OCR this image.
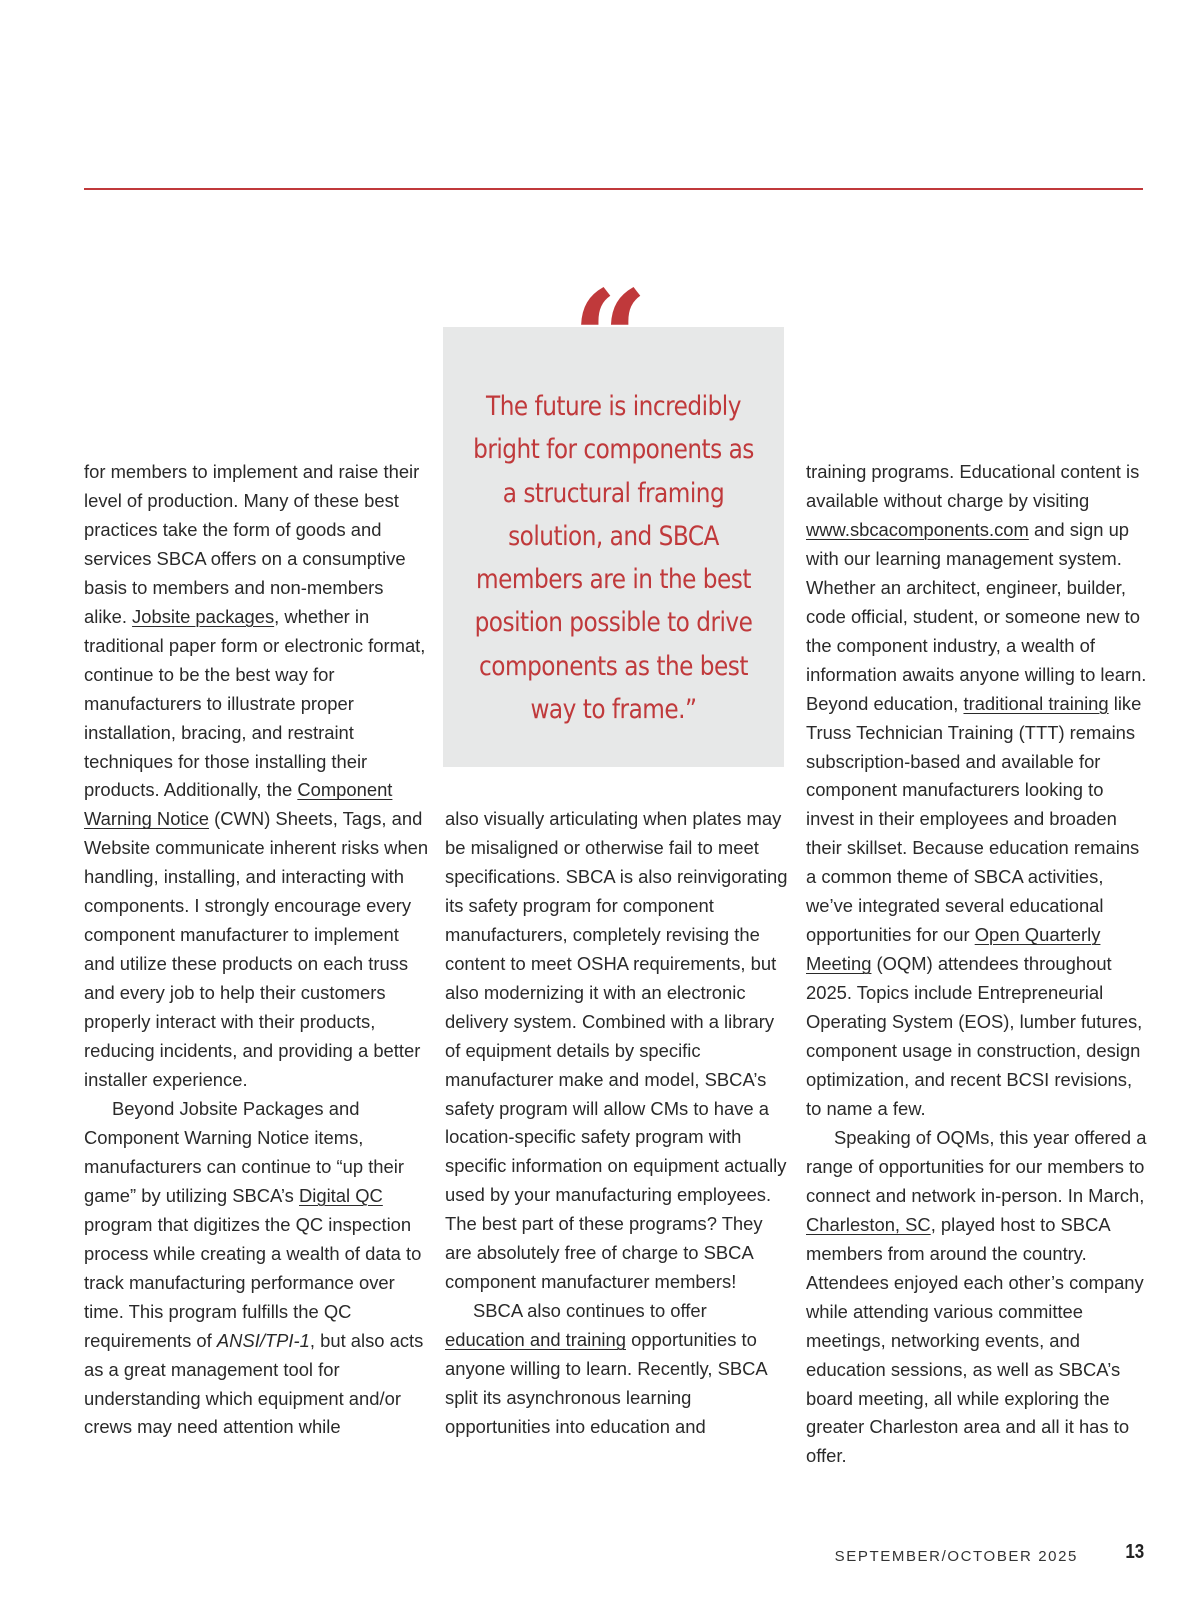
“
The future is incredibly bright for components as a structural framing solution, and SBCA members are in the best position possible to drive components as the best way to frame.”

for members to implement and raise their level of production. Many of these best practices take the form of goods and services SBCA offers on a consumptive basis to members and non-members alike. Jobsite packages, whether in traditional paper form or electronic format, continue to be the best way for manufacturers to illustrate proper installation, bracing, and restraint techniques for those installing their products. Additionally, the Component Warning Notice (CWN) Sheets, Tags, and Website communicate inherent risks when handling, installing, and interacting with components. I strongly encourage every component manufacturer to implement and utilize these products on each truss and every job to help their customers properly interact with their products, reducing incidents, and providing a better installer experience.

Beyond Jobsite Packages and Component Warning Notice items, manufacturers can continue to “up their game” by utilizing SBCA’s Digital QC program that digitizes the QC inspection process while creating a wealth of data to track manufacturing performance over time. This program fulfills the QC requirements of ANSI/TPI-1, but also acts as a great management tool for understanding which equipment and/or crews may need attention while

also visually articulating when plates may be misaligned or otherwise fail to meet specifications. SBCA is also reinvigorating its safety program for component manufacturers, completely revising the content to meet OSHA requirements, but also modernizing it with an electronic delivery system. Combined with a library of equipment details by specific manufacturer make and model, SBCA’s safety program will allow CMs to have a location-specific safety program with specific information on equipment actually used by your manufacturing employees. The best part of these programs? They are absolutely free of charge to SBCA component manufacturer members!

SBCA also continues to offer education and training opportunities to anyone willing to learn. Recently, SBCA split its asynchronous learning opportunities into education and

training programs. Educational content is available without charge by visiting www.sbcacomponents.com and sign up with our learning management system. Whether an architect, engineer, builder, code official, student, or someone new to the component industry, a wealth of information awaits anyone willing to learn. Beyond education, traditional training like Truss Technician Training (TTT) remains subscription-based and available for component manufacturers looking to invest in their employees and broaden their skillset. Because education remains a common theme of SBCA activities, we’ve integrated several educational opportunities for our Open Quarterly Meeting (OQM) attendees throughout 2025. Topics include Entrepreneurial Operating System (EOS), lumber futures, component usage in construction, design optimization, and recent BCSI revisions, to name a few.

Speaking of OQMs, this year offered a range of opportunities for our members to connect and network in-person. In March, Charleston, SC, played host to SBCA members from around the country. Attendees enjoyed each other’s company while attending various committee meetings, networking events, and education sessions, as well as SBCA’s board meeting, all while exploring the greater Charleston area and all it has to offer.

SEPTEMBER/OCTOBER 2025 13
